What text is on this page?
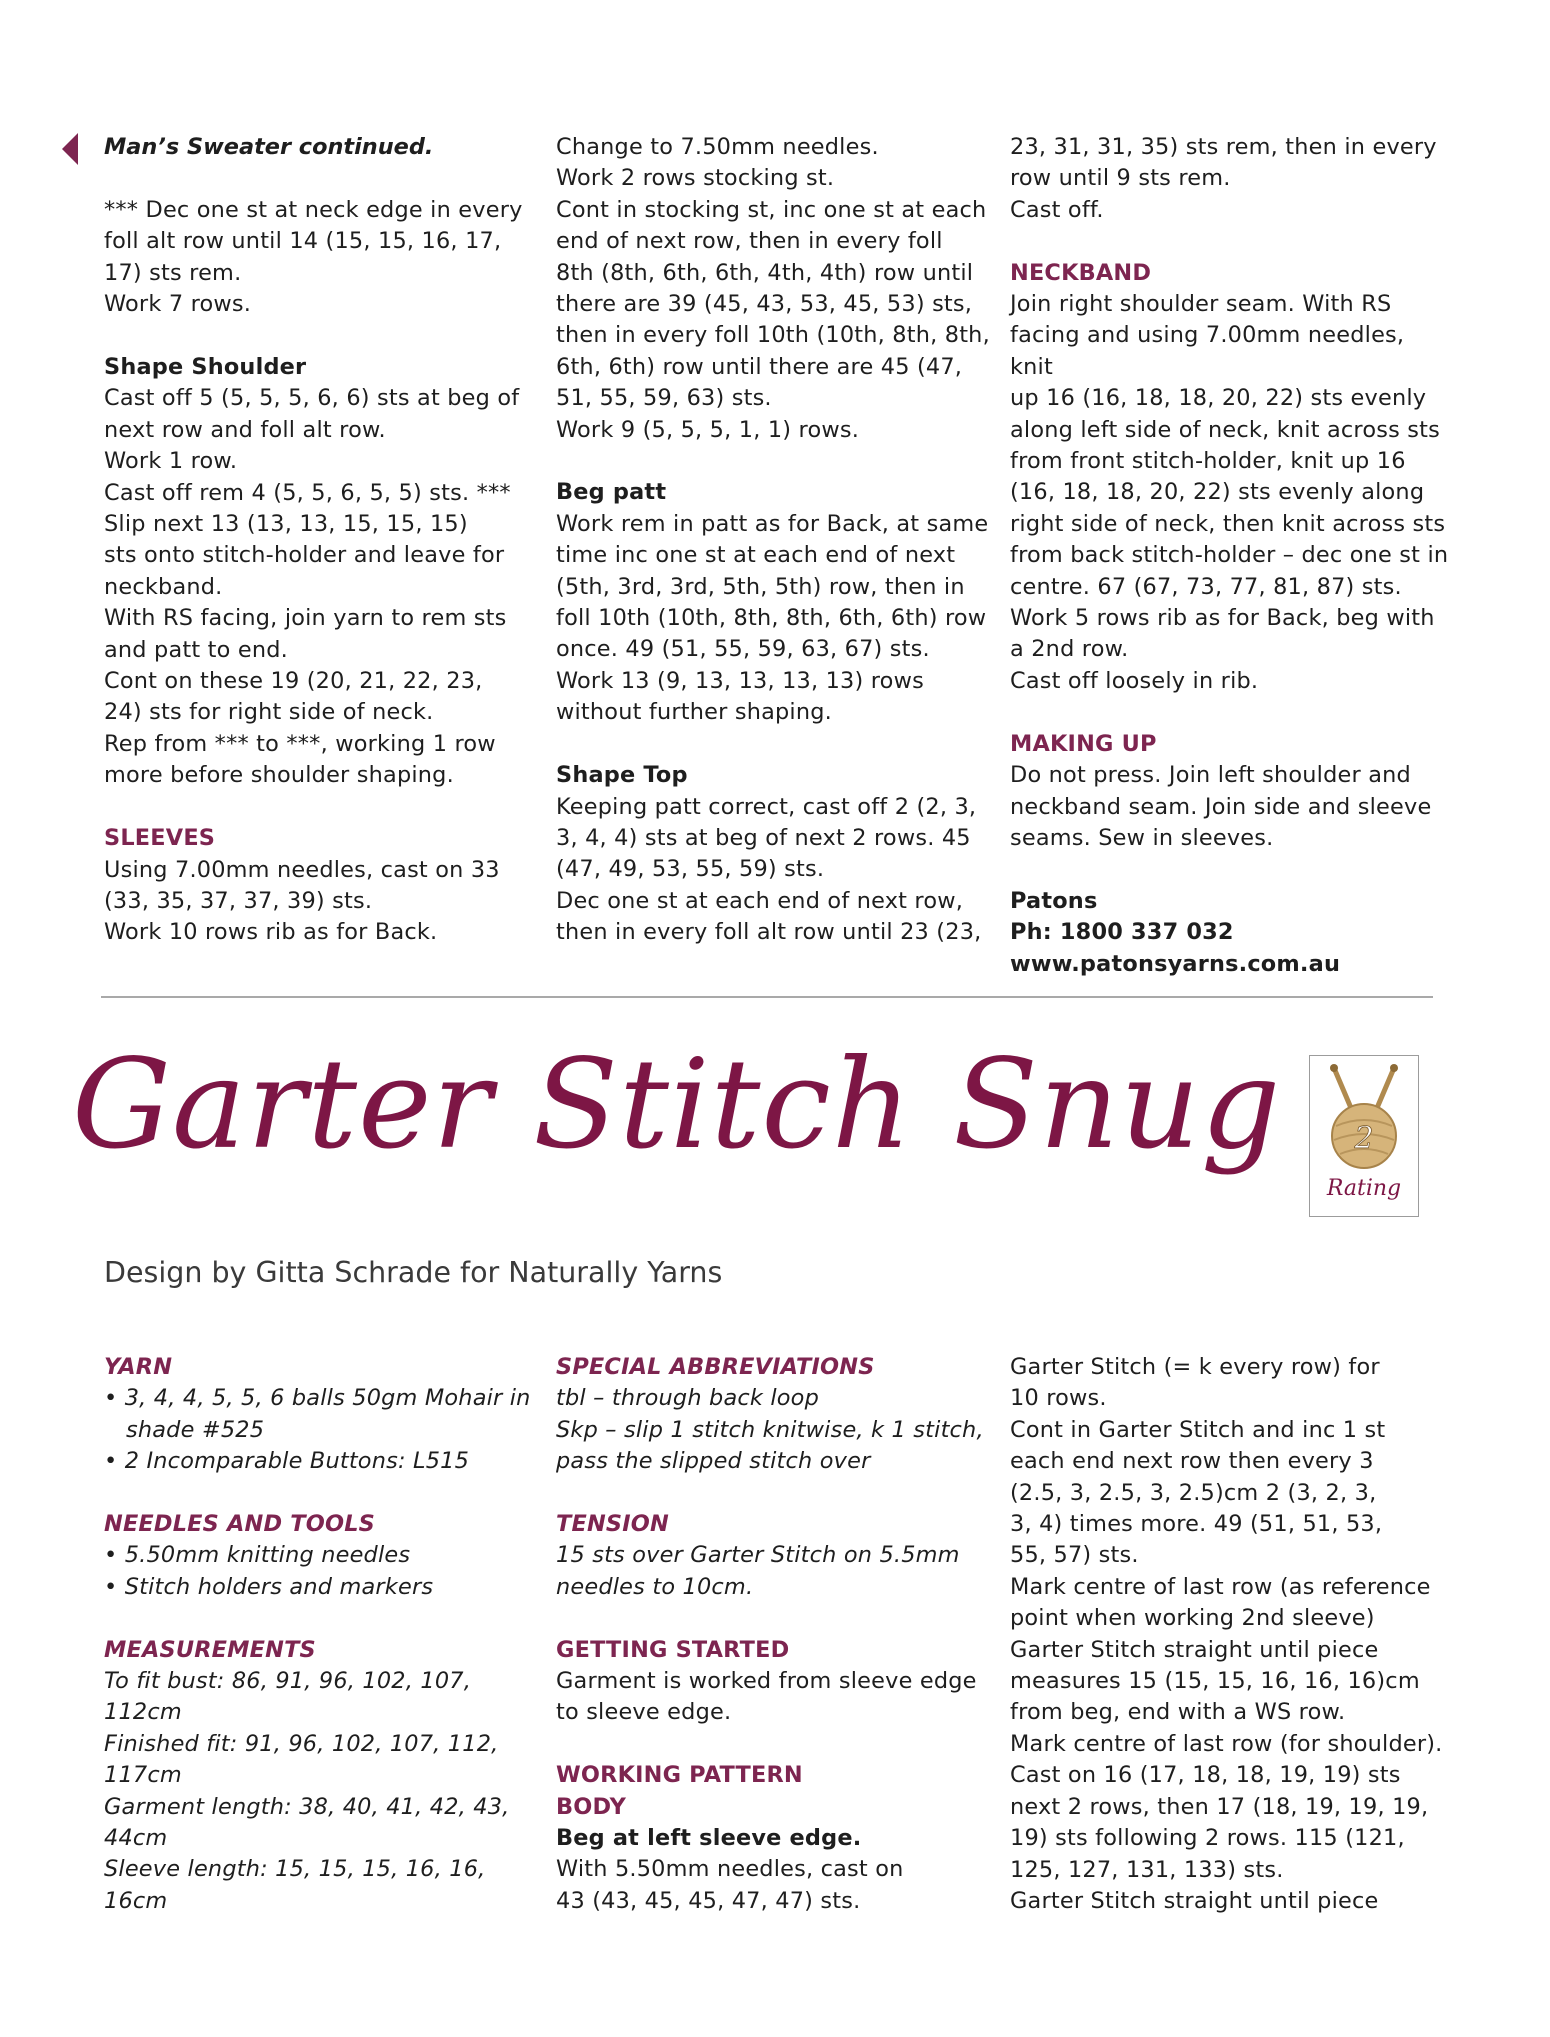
Man’s Sweater continued.

*** Dec one st at neck edge in every

foll alt row until 14 (15, 15, 16, 17,

17) sts rem.

Work 7 rows.

Shape Shoulder

Cast off 5 (5, 5, 5, 6, 6) sts at beg of

next row and foll alt row.

Work 1 row.

Cast off rem 4 (5, 5, 6, 5, 5) sts. ***

Slip next 13 (13, 13, 15, 15, 15)

sts onto stitch-holder and leave for

neckband.

With RS facing, join yarn to rem sts

and patt to end.

Cont on these 19 (20, 21, 22, 23,

24) sts for right side of neck.

Rep from *** to ***, working 1 row

more before shoulder shaping.

SLEEVES

Using 7.00mm needles, cast on 33

(33, 35, 37, 37, 39) sts.

Work 10 rows rib as for Back.

Change to 7.50mm needles.

Work 2 rows stocking st.

Cont in stocking st, inc one st at each

end of next row, then in every foll

8th (8th, 6th, 6th, 4th, 4th) row until

there are 39 (45, 43, 53, 45, 53) sts,

then in every foll 10th (10th, 8th, 8th,

6th, 6th) row until there are 45 (47,

51, 55, 59, 63) sts.

Work 9 (5, 5, 5, 1, 1) rows.

Beg patt

Work rem in patt as for Back, at same

time inc one st at each end of next

(5th, 3rd, 3rd, 5th, 5th) row, then in

foll 10th (10th, 8th, 8th, 6th, 6th) row

once. 49 (51, 55, 59, 63, 67) sts.

Work 13 (9, 13, 13, 13, 13) rows

without further shaping.

Shape Top

Keeping patt correct, cast off 2 (2, 3,

3, 4, 4) sts at beg of next 2 rows. 45

(47, 49, 53, 55, 59) sts.

Dec one st at each end of next row,

then in every foll alt row until 23 (23,

23, 31, 31, 35) sts rem, then in every

row until 9 sts rem.

Cast off.

NECKBAND

Join right shoulder seam. With RS

facing and using 7.00mm needles, knit

up 16 (16, 18, 18, 20, 22) sts evenly

along left side of neck, knit across sts

from front stitch-holder, knit up 16

(16, 18, 18, 20, 22) sts evenly along

right side of neck, then knit across sts

from back stitch-holder – dec one st in

centre. 67 (67, 73, 77, 81, 87) sts.

Work 5 rows rib as for Back, beg with

a 2nd row.

Cast off loosely in rib.

MAKING UP

Do not press. Join left shoulder and

neckband seam. Join side and sleeve

seams. Sew in sleeves.

Patons

Ph: 1800 337 032

www.patonsyarns.com.au

Garter Stitch Snug 2
Rating
Design by Gitta Schrade for Naturally Yarns

YARN

• 3, 4, 4, 5, 5, 6 balls 50gm Mohair in shade #525

• 2 Incomparable Buttons: L515

NEEDLES AND TOOLS

• 5.50mm knitting needles

• Stitch holders and markers

MEASUREMENTS

To fit bust: 86, 91, 96, 102, 107,

112cm

Finished fit: 91, 96, 102, 107, 112,

117cm

Garment length: 38, 40, 41, 42, 43,

44cm

Sleeve length: 15, 15, 15, 16, 16,

16cm

SPECIAL ABBREVIATIONS

tbl – through back loop

Skp – slip 1 stitch knitwise, k 1 stitch,

pass the slipped stitch over

TENSION

15 sts over Garter Stitch on 5.5mm

needles to 10cm.

GETTING STARTED

Garment is worked from sleeve edge

to sleeve edge.

WORKING PATTERN

BODY

Beg at left sleeve edge.

With 5.50mm needles, cast on

43 (43, 45, 45, 47, 47) sts.

Garter Stitch (= k every row) for

10 rows.

Cont in Garter Stitch and inc 1 st

each end next row then every 3

(2.5, 3, 2.5, 3, 2.5)cm 2 (3, 2, 3,

3, 4) times more. 49 (51, 51, 53,

55, 57) sts.

Mark centre of last row (as reference

point when working 2nd sleeve)

Garter Stitch straight until piece

measures 15 (15, 15, 16, 16, 16)cm

from beg, end with a WS row.

Mark centre of last row (for shoulder).

Cast on 16 (17, 18, 18, 19, 19) sts

next 2 rows, then 17 (18, 19, 19, 19,

19) sts following 2 rows. 115 (121,

125, 127, 131, 133) sts.

Garter Stitch straight until piece
